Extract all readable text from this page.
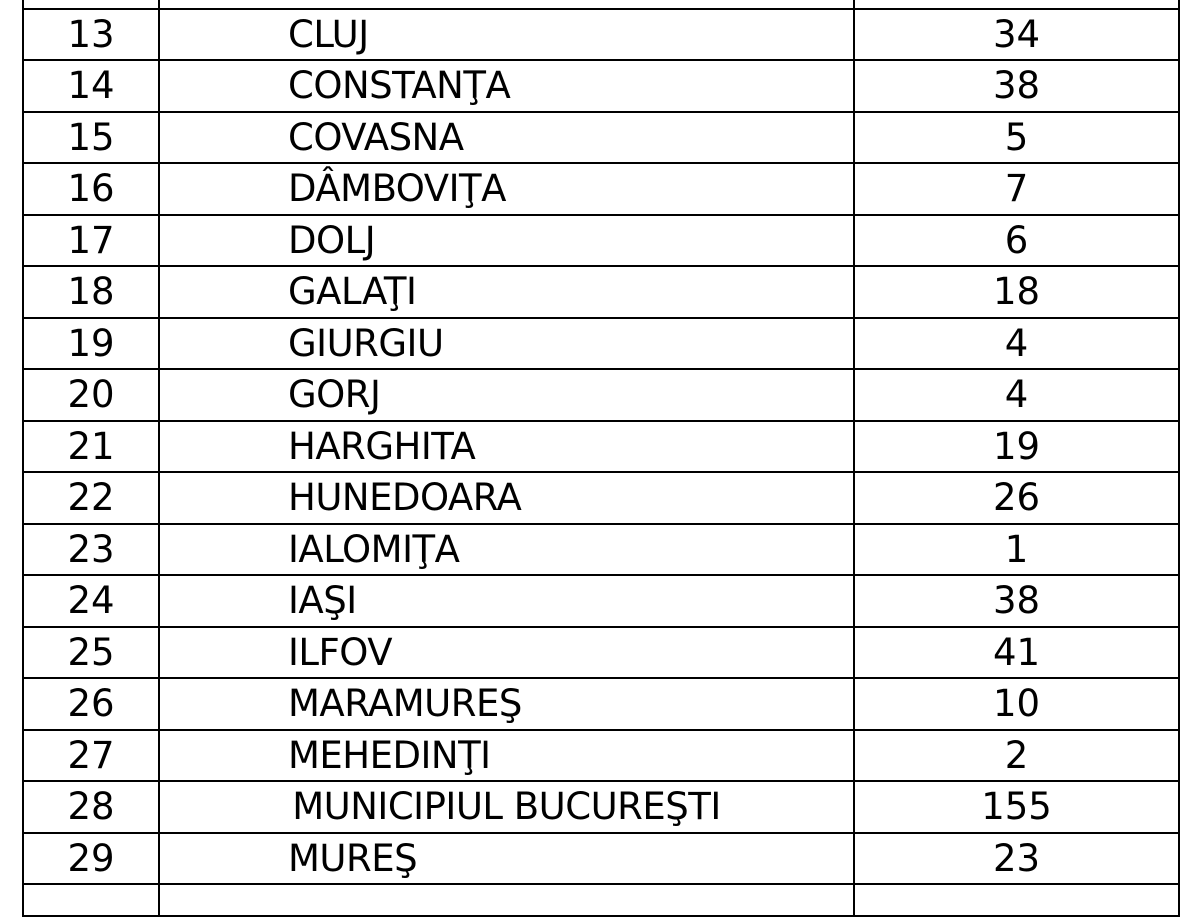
13	CLUJ	34
14	CONSTANŢA	38
15	COVASNA	5
16	DÂMBOVIŢA	7
17	DOLJ	6
18	GALAŢI	18
19	GIURGIU	4
20	GORJ	4
21	HARGHITA	19
22	HUNEDOARA	26
23	IALOMIŢA	1
24	IAŞI	38
25	ILFOV	41
26	MARAMUREŞ	10
27	MEHEDINŢI	2
28	MUNICIPIUL BUCUREŞTI	155
29	MUREŞ	23
